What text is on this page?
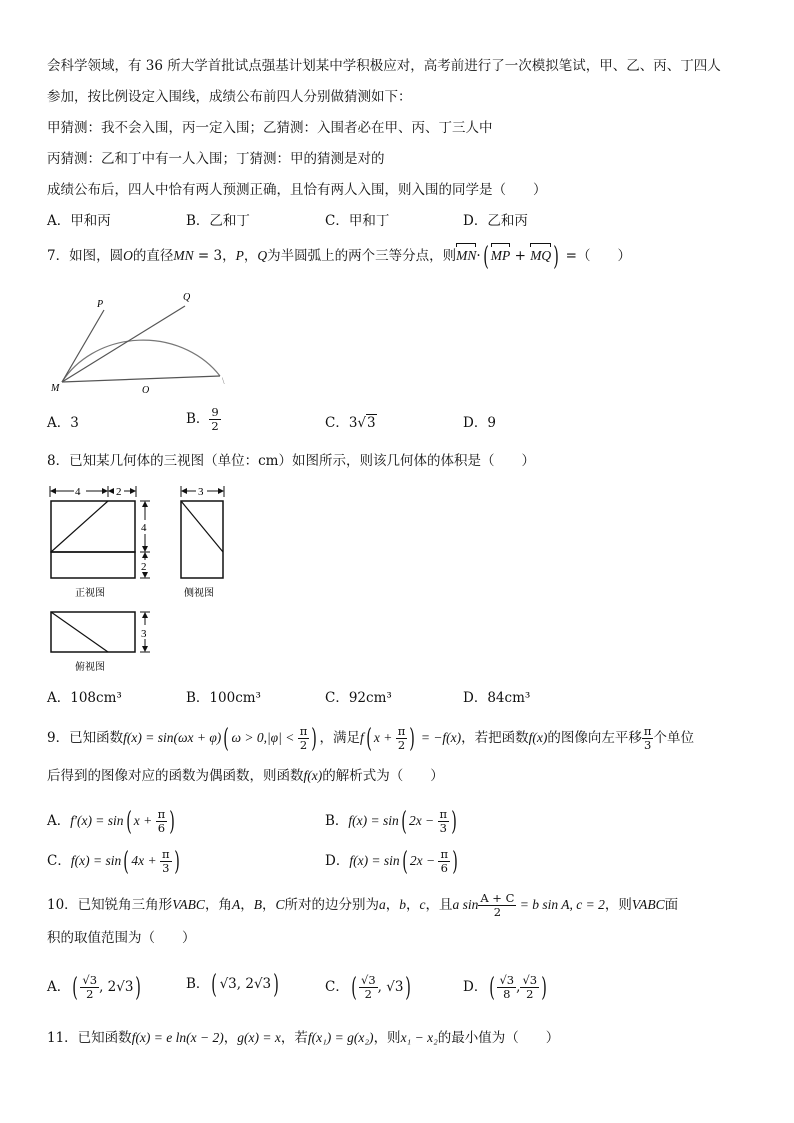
会科学领域，有 36 所大学首批试点强基计划某中学积极应对，高考前进行了一次模拟笔试，甲、乙、丙、丁四人
参加，按比例设定入围线，成绩公布前四人分别做猜测如下：
甲猜测：我不会入围，丙一定入围；乙猜测：入围者必在甲、丙、丁三人中
丙猜测：乙和丁中有一人入围；丁猜测：甲的猜测是对的
成绩公布后，四人中恰有两人预测正确，且恰有两人入围，则入围的同学是（　　）
A．甲和丙	B．乙和丁	C．甲和丁	D．乙和丙
7．如图，圆O的直径MN = 3，P，Q为半圆弧上的两个三等分点，则MN·( MP + MQ) =（　　）
P
Q
M	O
\
A．3	B． $\frac{9}{2}$	C．3√3	D．9
8．已知某几何体的三视图（单位：cm）如图所示，则该几何体的体积是（　　）
4	2
4
2
正视图
3
侧视图
3
俯视图
A．108cm³	B．100cm³	C．92cm³	D．84cm³
9．已知函数f(x) = sin(ωx + φ)( $\omega > 0,|\varphi| < \frac{\pi}{2}$ ) ，满足f( $x + \frac{\pi}{2}$ ) = −f(x)，若把函数f(x)的图像向左平移 $\frac{\pi}{3}$ 个单位
后得到的图像对应的函数为偶函数，则函数f(x)的解析式为（　　）
A．f′(x) = sin( $x + \frac{\pi}{6}$ )	B．f(x) = sin( $2x - \frac{\pi}{3}$ )
C．f(x) = sin( $4x + \frac{\pi}{3}$ )	D．f(x) = sin( $2x - \frac{\pi}{6}$ )
10．已知锐角三角形VABC，角A，B，C所对的边分别为a，b，c，且a $\sin \frac{A + C}{2} = b$ sin A, c = 2，则VABC面
积的取值范围为（　　）
A．( $\frac{√3}{2}$ , 2√3)	B．( √3, 2√3)	C．( $\frac{√3}{2}$ , √3)	D．( $\frac{√3}{8}$ , $\frac{√3}{2}$ )
11．已知函数f(x) = e ln(x − 2)，g(x) = x，若f(x₁) = g(x₂)，则x₁ − x₂的最小值为（　　）
